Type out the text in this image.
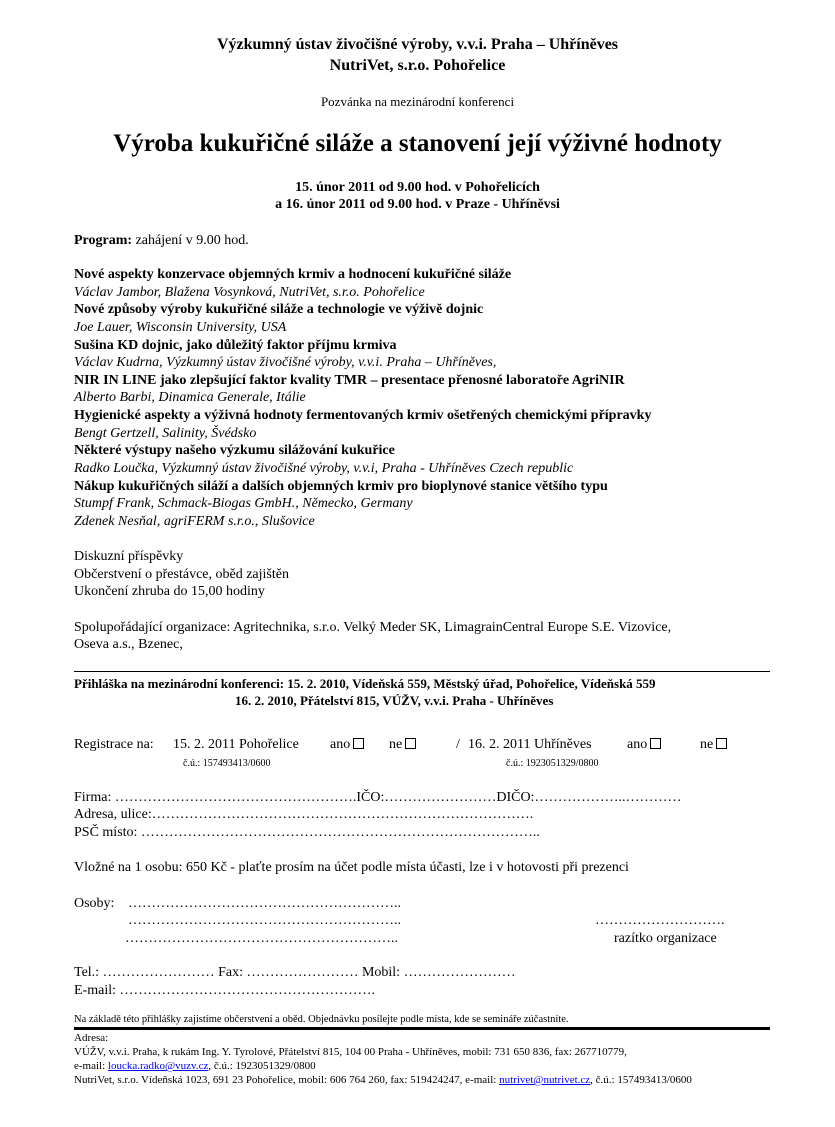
Výzkumný ústav živočišné výroby, v.v.i. Praha – Uhříněves
NutriVet, s.r.o. Pohořelice
Pozvánka na mezinárodní konferenci
Výroba kukuřičné siláže a stanovení její výživné hodnoty
15. únor 2011 od 9.00 hod. v Pohořelicích
a 16. únor 2011 od 9.00 hod. v Praze - Uhříněvsi
Program: zahájení v 9.00 hod.
Nové aspekty konzervace objemných krmiv a hodnocení kukuřičné siláže
Václav Jambor, Blažena Vosynková, NutriVet, s.r.o. Pohořelice
Nové způsoby výroby kukuřičné siláže a technologie ve výživě dojnic
Joe Lauer, Wisconsin University, USA
Sušina KD dojnic, jako důležitý faktor příjmu krmiva
Václav Kudrna, Výzkumný ústav živočišné výroby, v.v.i. Praha – Uhříněves,
NIR IN LINE jako zlepšující faktor kvality TMR – presentace přenosné laboratoře AgriNIR
Alberto Barbi, Dinamica Generale, Itálie
Hygienické aspekty a výživná hodnoty fermentovaných krmiv ošetřených chemickými přípravky
Bengt Gertzell, Salinity, Švédsko
Některé výstupy našeho výzkumu silážování kukuřice
Radko Loučka, Výzkumný ústav živočišné výroby, v.v.i, Praha - Uhříněves Czech republic
Nákup kukuřičných siláží a dalších objemných krmiv pro bioplynové stanice většího typu
Stumpf Frank, Schmack-Biogas GmbH., Německo, Germany
Zdenek Nesňal, agriFERM s.r.o., Slušovice
Diskuzní příspěvky
Občerstvení o přestávce, oběd zajištěn
Ukončení zhruba do 15,00 hodiny
Spolupořádající organizace: Agritechnika, s.r.o. Velký Meder SK, LimagrainCentral Europe S.E. Vizovice,
Oseva a.s., Bzenec,
Přihláška na mezinárodní konferenci: 15. 2. 2010, Vídeňská 559, Městský úřad, Pohořelice, Vídeňská 559
16. 2. 2010, Přátelství 815, VÚŽV, v.v.i. Praha - Uhříněves
Registrace na: 15. 2. 2011 Pohořelice ano	ne	/ 16. 2. 2011 Uhříněves	ano	ne
č.ú.: 157493413/0600	č.ú.: 1923051329/0800
Firma: …………………………………………….IČO:……………………DIČO:………………..…………
Adresa, ulice:……………………………………………………………………….
PSČ místo: …………………………………………………………………………..
Vložné na 1 osobu: 650 Kč - plaťte prosím na účet podle místa účasti, lze i v hotovosti při prezenci
Osoby: …………………………………………………..
…………………………………………………..
…………………………………………………..
……………………….
razítko organizace
Tel.: …………………… Fax: …………………… Mobil: ……………………
E-mail: ……………………………………………….
Na základě této přihlášky zajistíme občerstvení a oběd. Objednávku posílejte podle místa, kde se semináře zúčastníte.
Adresa:
VÚŽV, v.v.i. Praha, k rukám Ing. Y. Tyrolové, Přátelství 815, 104 00 Praha - Uhříněves, mobil: 731 650 836, fax: 267710779,
e-mail: loucka.radko@vuzv.cz, č.ú.: 1923051329/0800
NutriVet, s.r.o. Vídeňská 1023, 691 23 Pohořelice, mobil: 606 764 260, fax: 519424247, e-mail: nutrivet@nutrivet.cz, č.ú.: 157493413/0600
